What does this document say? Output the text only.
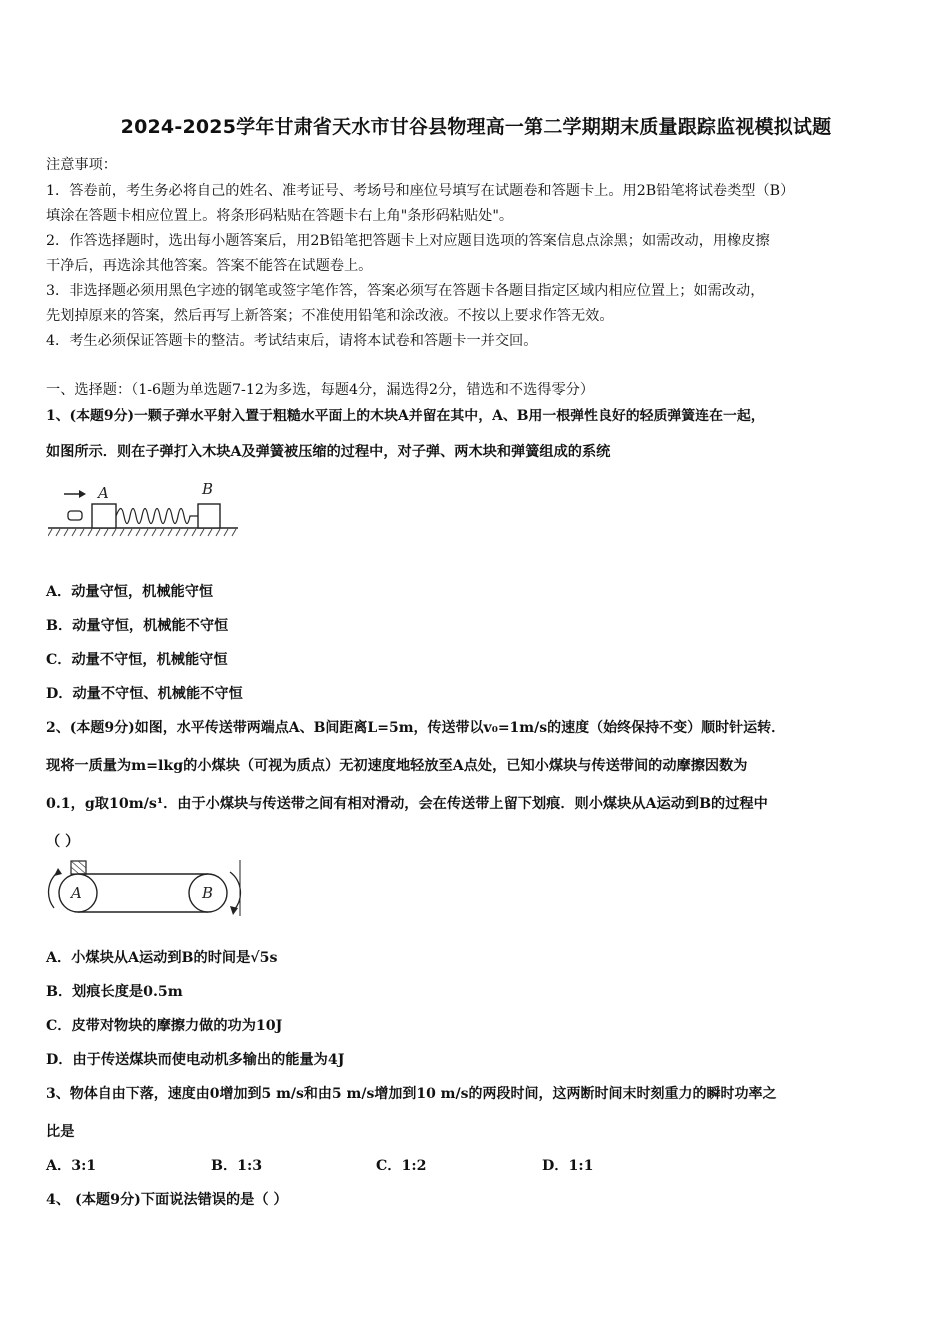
2024-2025学年甘肃省天水市甘谷县物理高一第二学期期末质量跟踪监视模拟试题
注意事项：
1．答卷前，考生务必将自己的姓名、准考证号、考场号和座位号填写在试题卷和答题卡上。用2B铅笔将试卷类型（B）
填涂在答题卡相应位置上。将条形码粘贴在答题卡右上角"条形码粘贴处"。
2．作答选择题时，选出每小题答案后，用2B铅笔把答题卡上对应题目选项的答案信息点涂黑；如需改动，用橡皮擦
干净后，再选涂其他答案。答案不能答在试题卷上。
3．非选择题必须用黑色字迹的钢笔或签字笔作答，答案必须写在答题卡各题目指定区域内相应位置上；如需改动，
先划掉原来的答案，然后再写上新答案；不准使用铅笔和涂改液。不按以上要求作答无效。
4．考生必须保证答题卡的整洁。考试结束后，请将本试卷和答题卡一并交回。
一、选择题：（1-6题为单选题7-12为多选，每题4分，漏选得2分，错选和不选得零分）
1、(本题9分)一颗子弹水平射入置于粗糙水平面上的木块A并留在其中，A、B用一根弹性良好的轻质弹簧连在一起，
如图所示．则在子弹打入木块A及弹簧被压缩的过程中，对子弹、两木块和弹簧组成的系统
A	B
A．动量守恒，机械能守恒
B．动量守恒，机械能不守恒
C．动量不守恒，机械能守恒
D．动量不守恒、机械能不守恒
2、(本题9分)如图，水平传送带两端点A、B间距离L=5m，传送带以v₀=1m/s的速度（始终保持不变）顺时针运转．
现将一质量为m=lkg的小煤块（可视为质点）无初速度地轻放至A点处，已知小煤块与传送带间的动摩擦因数为
0.1，g取10m/s¹．由于小煤块与传送带之间有相对滑动，会在传送带上留下划痕．则小煤块从A运动到B的过程中
（ ）
A	B
A．小煤块从A运动到B的时间是√5s
B．划痕长度是0.5m
C．皮带对物块的摩擦力做的功为10J
D．由于传送煤块而使电动机多输出的能量为4J
3、物体自由下落，速度由0增加到5 m/s和由5 m/s增加到10 m/s的两段时间，这两断时间末时刻重力的瞬时功率之
比是
A．3:1	B．1:3	C．1:2	D．1:1
4、 (本题9分)下面说法错误的是（ ）
